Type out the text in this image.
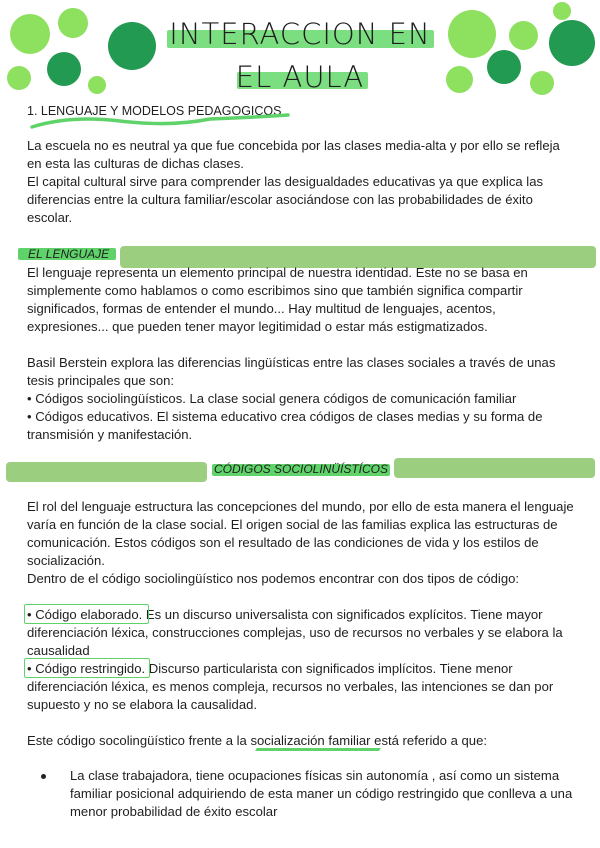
INTERACCION EN
EL AULA
1. LENGUAJE Y MODELOS PEDAGOGICOS

La escuela no es neutral ya que fue concebida por las clases media-alta y por ello se refleja en esta las culturas de dichas clases.

El capital cultural sirve para comprender las desigualdades educativas ya que explica las diferencias entre la cultura familiar/escolar asociándose con las probabilidades de éxito escolar.

EL LENGUAJE

El lenguaje representa un elemento principal de nuestra identidad. Este no se basa en simplemente como hablamos o como escribimos sino que también significa compartir significados, formas de entender el mundo... Hay multitud de lenguajes, acentos, expresiones... que pueden tener mayor legitimidad o estar más estigmatizados.

Basil Berstein explora las diferencias lingüísticas entre las clases sociales a través de unas tesis principales que son:

• Códigos sociolingüísticos. La clase social genera códigos de comunicación familiar

• Códigos educativos. El sistema educativo crea códigos de clases medias y su forma de transmisión y manifestación.

CÓDIGOS SOCIOLINÜÍSTÍCOS

El rol del lenguaje estructura las concepciones del mundo, por ello de esta manera el lenguaje varía en función de la clase social. El origen social de las familias explica las estructuras de comunicación. Estos códigos son el resultado de las condiciones de vida y los estilos de socialización.

Dentro de el código sociolingüístico nos podemos encontrar con dos tipos de código:

• Código elaborado. Es un discurso universalista con significados explícitos. Tiene mayor diferenciación léxica, construcciones complejas, uso de recursos no verbales y se elabora la causalidad

• Código restringido. Discurso particularista con significados implícitos. Tiene menor diferenciación léxica, es menos compleja, recursos no verbales, las intenciones se dan por supuesto y no se elabora la causalidad.

Este código socolingüístico frente a la socialización familiar está referido a que:

La clase trabajadora, tiene ocupaciones físicas sin autonomía , así como un sistema familiar posicional adquiriendo de esta maner un código restringido que conlleva a una menor probabilidad de éxito escolar
